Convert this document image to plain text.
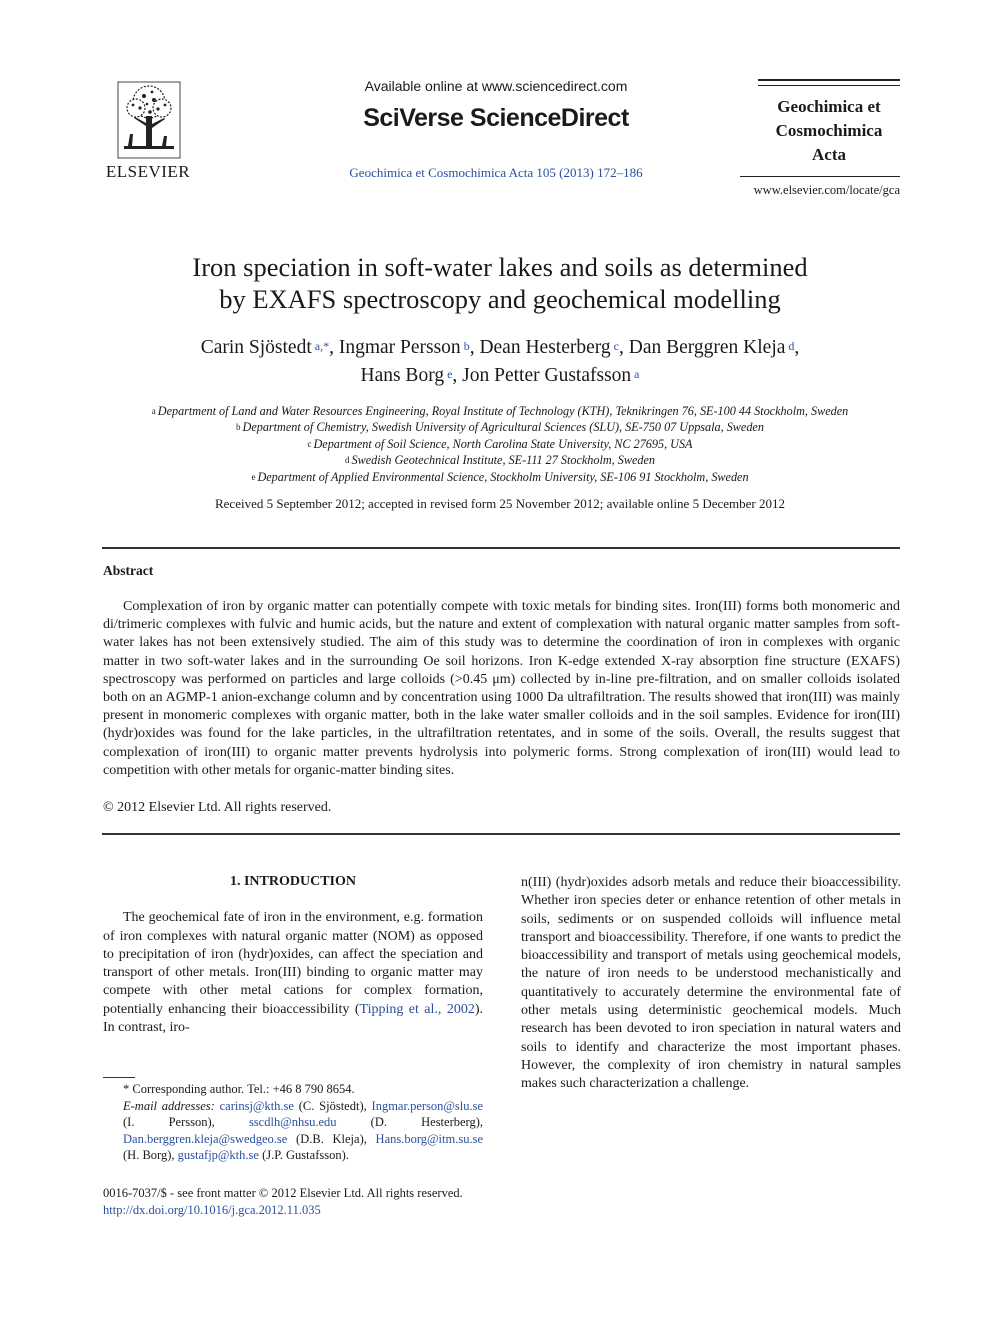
ELSEVIER
Available online at www.sciencedirect.com
SciVerse ScienceDirect
Geochimica et Cosmochimica Acta 105 (2013) 172–186
Geochimica et
Cosmochimica
Acta
www.elsevier.com/locate/gca
Iron speciation in soft-water lakes and soils as determined
by EXAFS spectroscopy and geochemical modelling
Carin Sjöstedt $^{a,*}$, Ingmar Persson $^b$, Dean Hesterberg $^c$, Dan Berggren Kleja $^d$,
Hans Borg $^e$, Jon Petter Gustafsson $^a$
$^a$ Department of Land and Water Resources Engineering, Royal Institute of Technology (KTH), Teknikringen 76, SE-100 44 Stockholm, Sweden
$^b$ Department of Chemistry, Swedish University of Agricultural Sciences (SLU), SE-750 07 Uppsala, Sweden
$^c$ Department of Soil Science, North Carolina State University, NC 27695, USA
$^d$ Swedish Geotechnical Institute, SE-111 27 Stockholm, Sweden
$^e$ Department of Applied Environmental Science, Stockholm University, SE-106 91 Stockholm, Sweden
Received 5 September 2012; accepted in revised form 25 November 2012; available online 5 December 2012
Abstract
Complexation of iron by organic matter can potentially compete with toxic metals for binding sites. Iron(III) forms both monomeric and di/trimeric complexes with fulvic and humic acids, but the nature and extent of complexation with natural organic matter samples from soft-water lakes has not been extensively studied. The aim of this study was to determine the coordination of iron in complexes with organic matter in two soft-water lakes and in the surrounding Oe soil horizons. Iron K-edge extended X-ray absorption fine structure (EXAFS) spectroscopy was performed on particles and large colloids (>0.45 μm) collected by in-line pre-filtration, and on smaller colloids isolated both on an AGMP-1 anion-exchange column and by concentration using 1000 Da ultrafiltration. The results showed that iron(III) was mainly present in monomeric complexes with organic matter, both in the lake water smaller colloids and in the soil samples. Evidence for iron(III) (hydr)oxides was found for the lake particles, in the ultrafiltration retentates, and in some of the soils. Overall, the results suggest that complexation of iron(III) to organic matter prevents hydrolysis into polymeric forms. Strong complexation of iron(III) would lead to competition with other metals for organic-matter binding sites.
© 2012 Elsevier Ltd. All rights reserved.
1. INTRODUCTION

The geochemical fate of iron in the environment, e.g. formation of iron complexes with natural organic matter (NOM) as opposed to precipitation of iron (hydr)oxides, can affect the speciation and transport of other metals. Iron(III) binding to organic matter may compete with other metal cations for complex formation, potentially enhancing their bioaccessibility (Tipping et al., 2002). In contrast, iro-

n(III) (hydr)oxides adsorb metals and reduce their bioaccessibility. Whether iron species deter or enhance retention of other metals in soils, sediments or on suspended colloids will influence metal transport and bioaccessibility. Therefore, if one wants to predict the bioaccessibility and transport of metals using geochemical models, the nature of iron needs to be understood mechanistically and quantitatively to accurately determine the environmental fate of other metals using deterministic geochemical models. Much research has been devoted to iron speciation in natural waters and soils to identify and characterize the most important phases. However, the complexity of iron chemistry in natural samples makes such characterization a challenge.

* Corresponding author. Tel.: +46 8 790 8654.
E-mail addresses: carinsj@kth.se (C. Sjöstedt), Ingmar.person@slu.se (I. Persson),	sscdlh@nhsu.edu	(D. Hesterberg), Dan.berggren.kleja@swedgeo.se (D.B. Kleja), Hans.borg@itm.su.se (H. Borg), gustafjp@kth.se (J.P. Gustafsson).
0016-7037/$ - see front matter © 2012 Elsevier Ltd. All rights reserved.
http://dx.doi.org/10.1016/j.gca.2012.11.035
